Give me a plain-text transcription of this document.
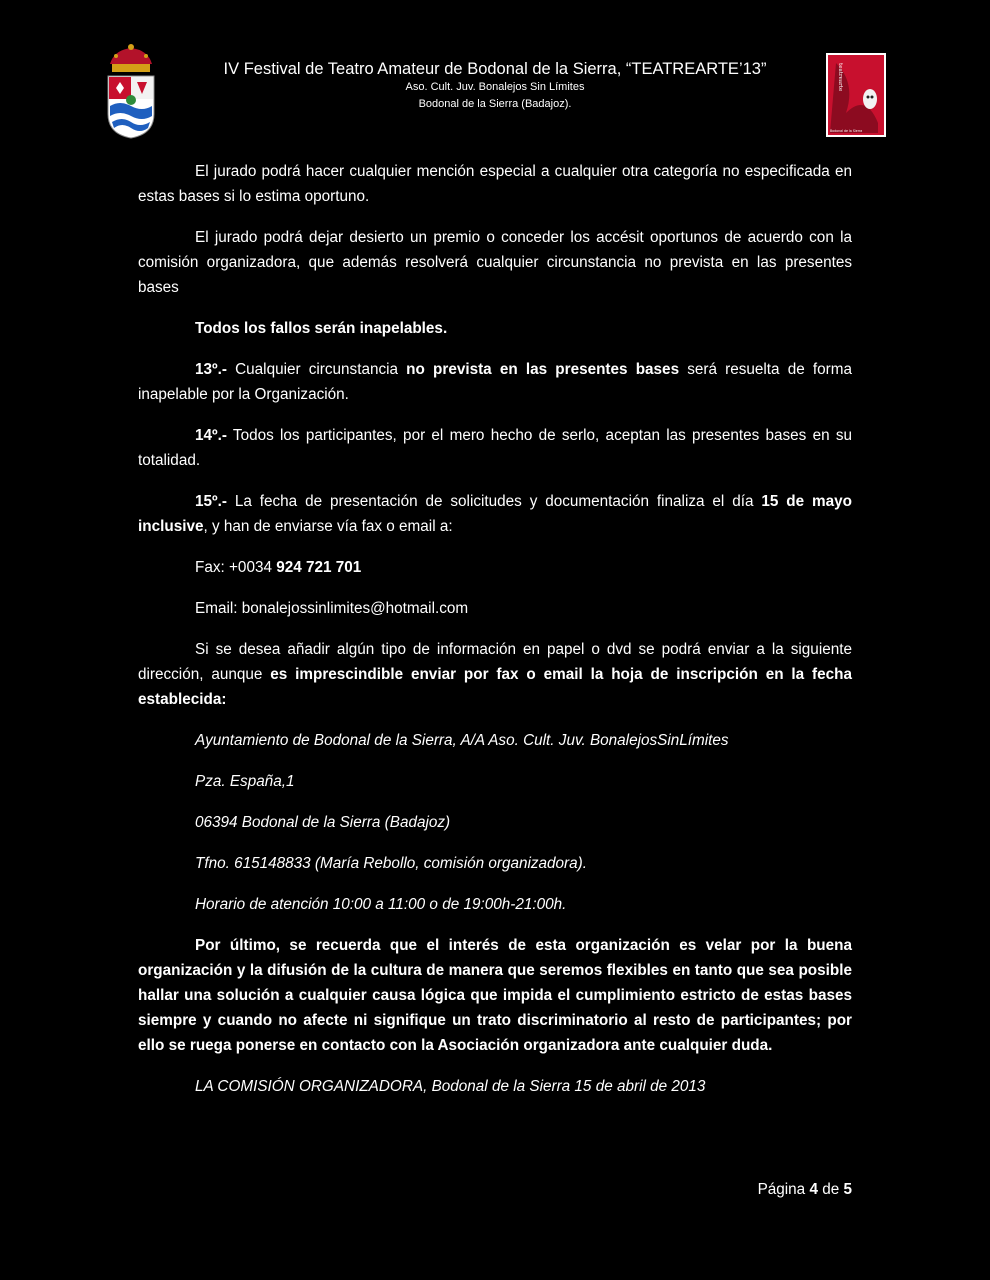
IV Festival de Teatro Amateur de Bodonal de la Sierra, “TEATREARTE’13”
Aso. Cult. Juv. Bonalejos Sin Límites
Bodonal de la Sierra (Badajoz).
teatrearte
Bodonal de la Sierra

El jurado podrá hacer cualquier mención especial a cualquier otra categoría no especificada en estas bases si lo estima oportuno.

El jurado podrá dejar desierto un premio o conceder los accésit oportunos de acuerdo con la comisión organizadora, que además resolverá cualquier circunstancia no prevista en las presentes bases

Todos los fallos serán inapelables.

13º.- Cualquier circunstancia no prevista en las presentes bases será resuelta de forma inapelable por la Organización.

14º.- Todos los participantes, por el mero hecho de serlo, aceptan las presentes bases en su totalidad.

15º.- La fecha de presentación de solicitudes y documentación finaliza el día 15 de mayo inclusive, y han de enviarse vía fax o email a:

Fax: +0034 924 721 701

Email: bonalejossinlimites@hotmail.com

Si se desea añadir algún tipo de información en papel o dvd se podrá enviar a la siguiente dirección, aunque es imprescindible enviar por fax o email la hoja de inscripción en la fecha establecida:

Ayuntamiento de Bodonal de la Sierra, A/A Aso. Cult. Juv. BonalejosSinLímites

Pza. España,1

06394 Bodonal de la Sierra (Badajoz)

Tfno. 615148833 (María Rebollo, comisión organizadora).

Horario de atención 10:00 a 11:00 o de 19:00h-21:00h.

Por último, se recuerda que el interés de esta organización es velar por la buena organización y la difusión de la cultura de manera que seremos flexibles en tanto que sea posible hallar una solución a cualquier causa lógica que impida el cumplimiento estricto de estas bases siempre y cuando no afecte ni signifique un trato discriminatorio al resto de participantes; por ello se ruega ponerse en contacto con la Asociación organizadora ante cualquier duda.

LA COMISIÓN ORGANIZADORA, Bodonal de la Sierra 15 de abril de 2013

Página 4 de 5
